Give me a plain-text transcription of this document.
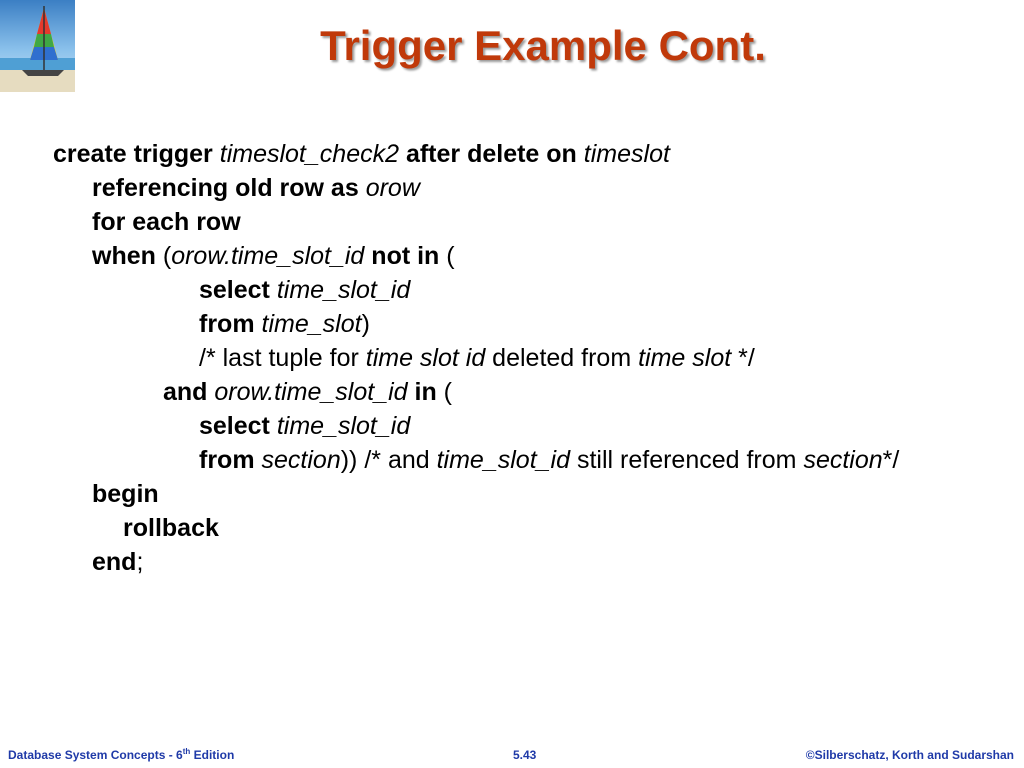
Trigger Example Cont.
create trigger timeslot_check2 after delete on timeslot
referencing old row as orow
for each row
when (orow.time_slot_id not in (
select time_slot_id
from time_slot)
/* last tuple for time slot id deleted from time slot */
and orow.time_slot_id in (
select time_slot_id
from section)) /* and time_slot_id still referenced from section*/
begin
rollback
end;
Database System Concepts - 6th Edition	5.43	©Silberschatz, Korth and Sudarshan
